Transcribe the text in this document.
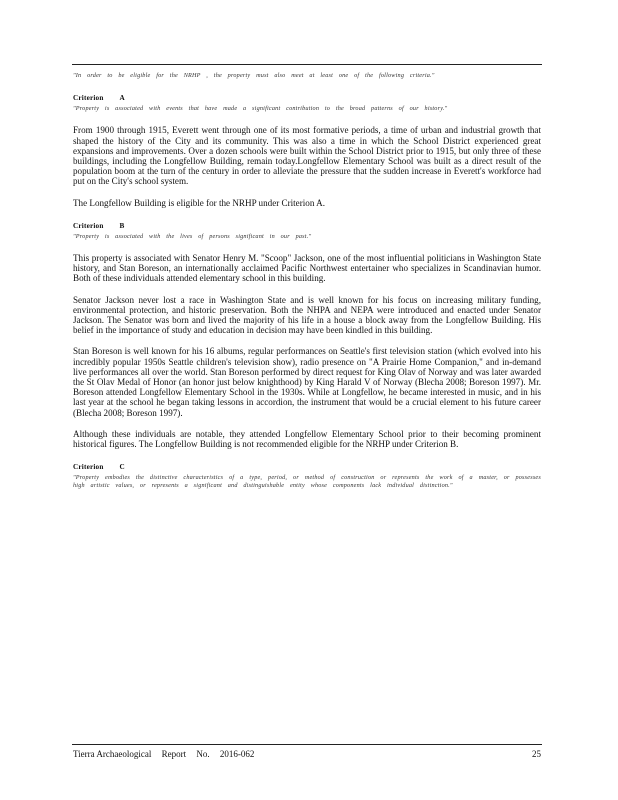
"In order to be eligible for the NRHP , the property must also meet at least one of the following criteria."

Criterion A

"Property is associated with events that have made a significant contribution to the broad patterns of our history."

From 1900 through 1915, Everett went through one of its most formative periods, a time of urban and industrial growth that shaped the history of the City and its community. This was also a time in which the School District experienced great expansions and improvements. Over a dozen schools were built within the School District prior to 1915, but only three of these buildings, including the Longfellow Building, remain today.Longfellow Elementary School was built as a direct result of the population boom at the turn of the century in order to alleviate the pressure that the sudden increase in Everett's workforce had put on the City's school system.

The Longfellow Building is eligible for the NRHP under Criterion A.

Criterion B

"Property is associated with the lives of persons significant in our past."

This property is associated with Senator Henry M. "Scoop" Jackson, one of the most influential politicians in Washington State history, and Stan Boreson, an internationally acclaimed Pacific Northwest entertainer who specializes in Scandinavian humor. Both of these individuals attended elementary school in this building.

Senator Jackson never lost a race in Washington State and is well known for his focus on increasing military funding, environmental protection, and historic preservation. Both the NHPA and NEPA were introduced and enacted under Senator Jackson. The Senator was born and lived the majority of his life in a house a block away from the Longfellow Building. His belief in the importance of study and education in decision may have been kindled in this building.

Stan Boreson is well known for his 16 albums, regular performances on Seattle's first television station (which evolved into his incredibly popular 1950s Seattle children's television show), radio presence on "A Prairie Home Companion," and in-demand live performances all over the world. Stan Boreson performed by direct request for King Olav of Norway and was later awarded the St Olav Medal of Honor (an honor just below knighthood) by King Harald V of Norway (Blecha 2008; Boreson 1997). Mr. Boreson attended Longfellow Elementary School in the 1930s. While at Longfellow, he became interested in music, and in his last year at the school he began taking lessons in accordion, the instrument that would be a crucial element to his future career (Blecha 2008; Boreson 1997).

Although these individuals are notable, they attended Longfellow Elementary School prior to their becoming prominent historical figures. The Longfellow Building is not recommended eligible for the NRHP under Criterion B.

Criterion C

"Property embodies the distinctive characteristics of a type, period, or method of construction or represents the work of a master, or possesses high artistic values, or represents a significant and distinguishable entity whose components lack individual distinction."

Tierra Archaeological Report No. 2016-062	25
